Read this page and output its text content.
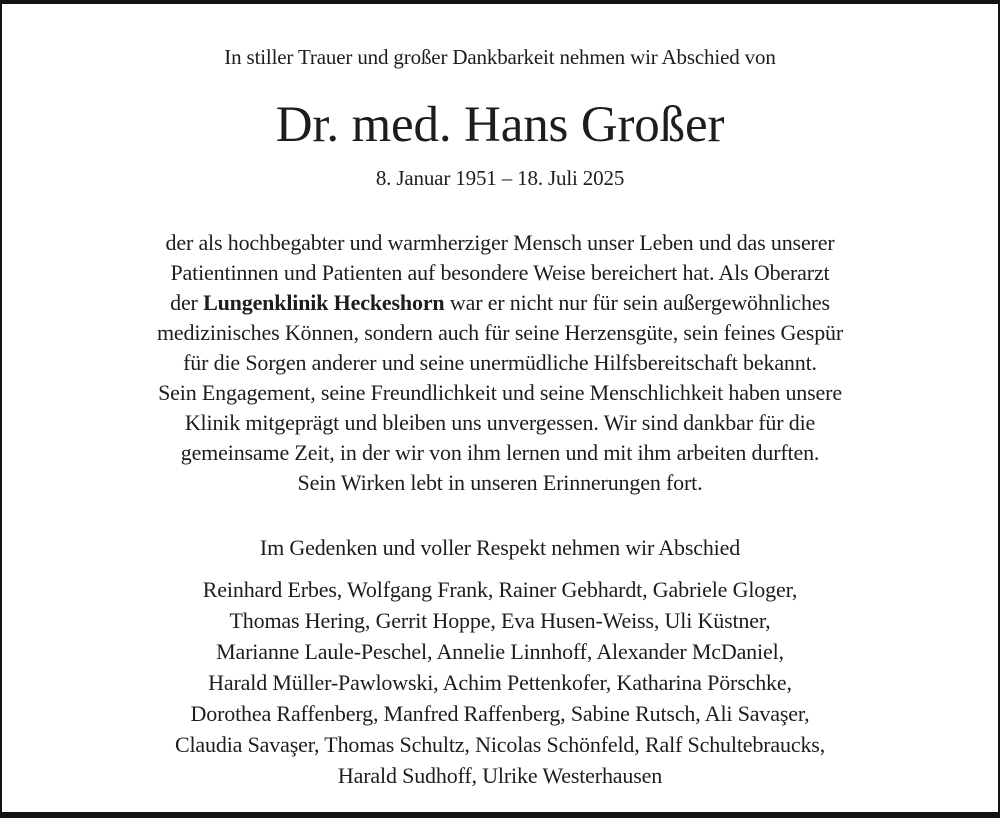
In stiller Trauer und großer Dankbarkeit nehmen wir Abschied von
Dr. med. Hans Großer
8. Januar 1951 – 18. Juli 2025
der als hochbegabter und warmherziger Mensch unser Leben und das unserer
Patientinnen und Patienten auf besondere Weise bereichert hat. Als Oberarzt
der Lungenklinik Heckeshorn war er nicht nur für sein außergewöhnliches
medizinisches Können, sondern auch für seine Herzensgüte, sein feines Gespür
für die Sorgen anderer und seine unermüdliche Hilfsbereitschaft bekannt.
Sein Engagement, seine Freundlichkeit und seine Menschlichkeit haben unsere
Klinik mitgeprägt und bleiben uns unvergessen. Wir sind dankbar für die
gemeinsame Zeit, in der wir von ihm lernen und mit ihm arbeiten durften.
Sein Wirken lebt in unseren Erinnerungen fort.
Im Gedenken und voller Respekt nehmen wir Abschied
Reinhard Erbes, Wolfgang Frank, Rainer Gebhardt, Gabriele Gloger,
Thomas Hering, Gerrit Hoppe, Eva Husen-Weiss, Uli Küstner,
Marianne Laule-Peschel, Annelie Linnhoff, Alexander McDaniel,
Harald Müller-Pawlowski, Achim Pettenkofer, Katharina Pörschke,
Dorothea Raffenberg, Manfred Raffenberg, Sabine Rutsch, Ali Savaşer,
Claudia Savaşer, Thomas Schultz, Nicolas Schönfeld, Ralf Schultebraucks,
Harald Sudhoff, Ulrike Westerhausen
